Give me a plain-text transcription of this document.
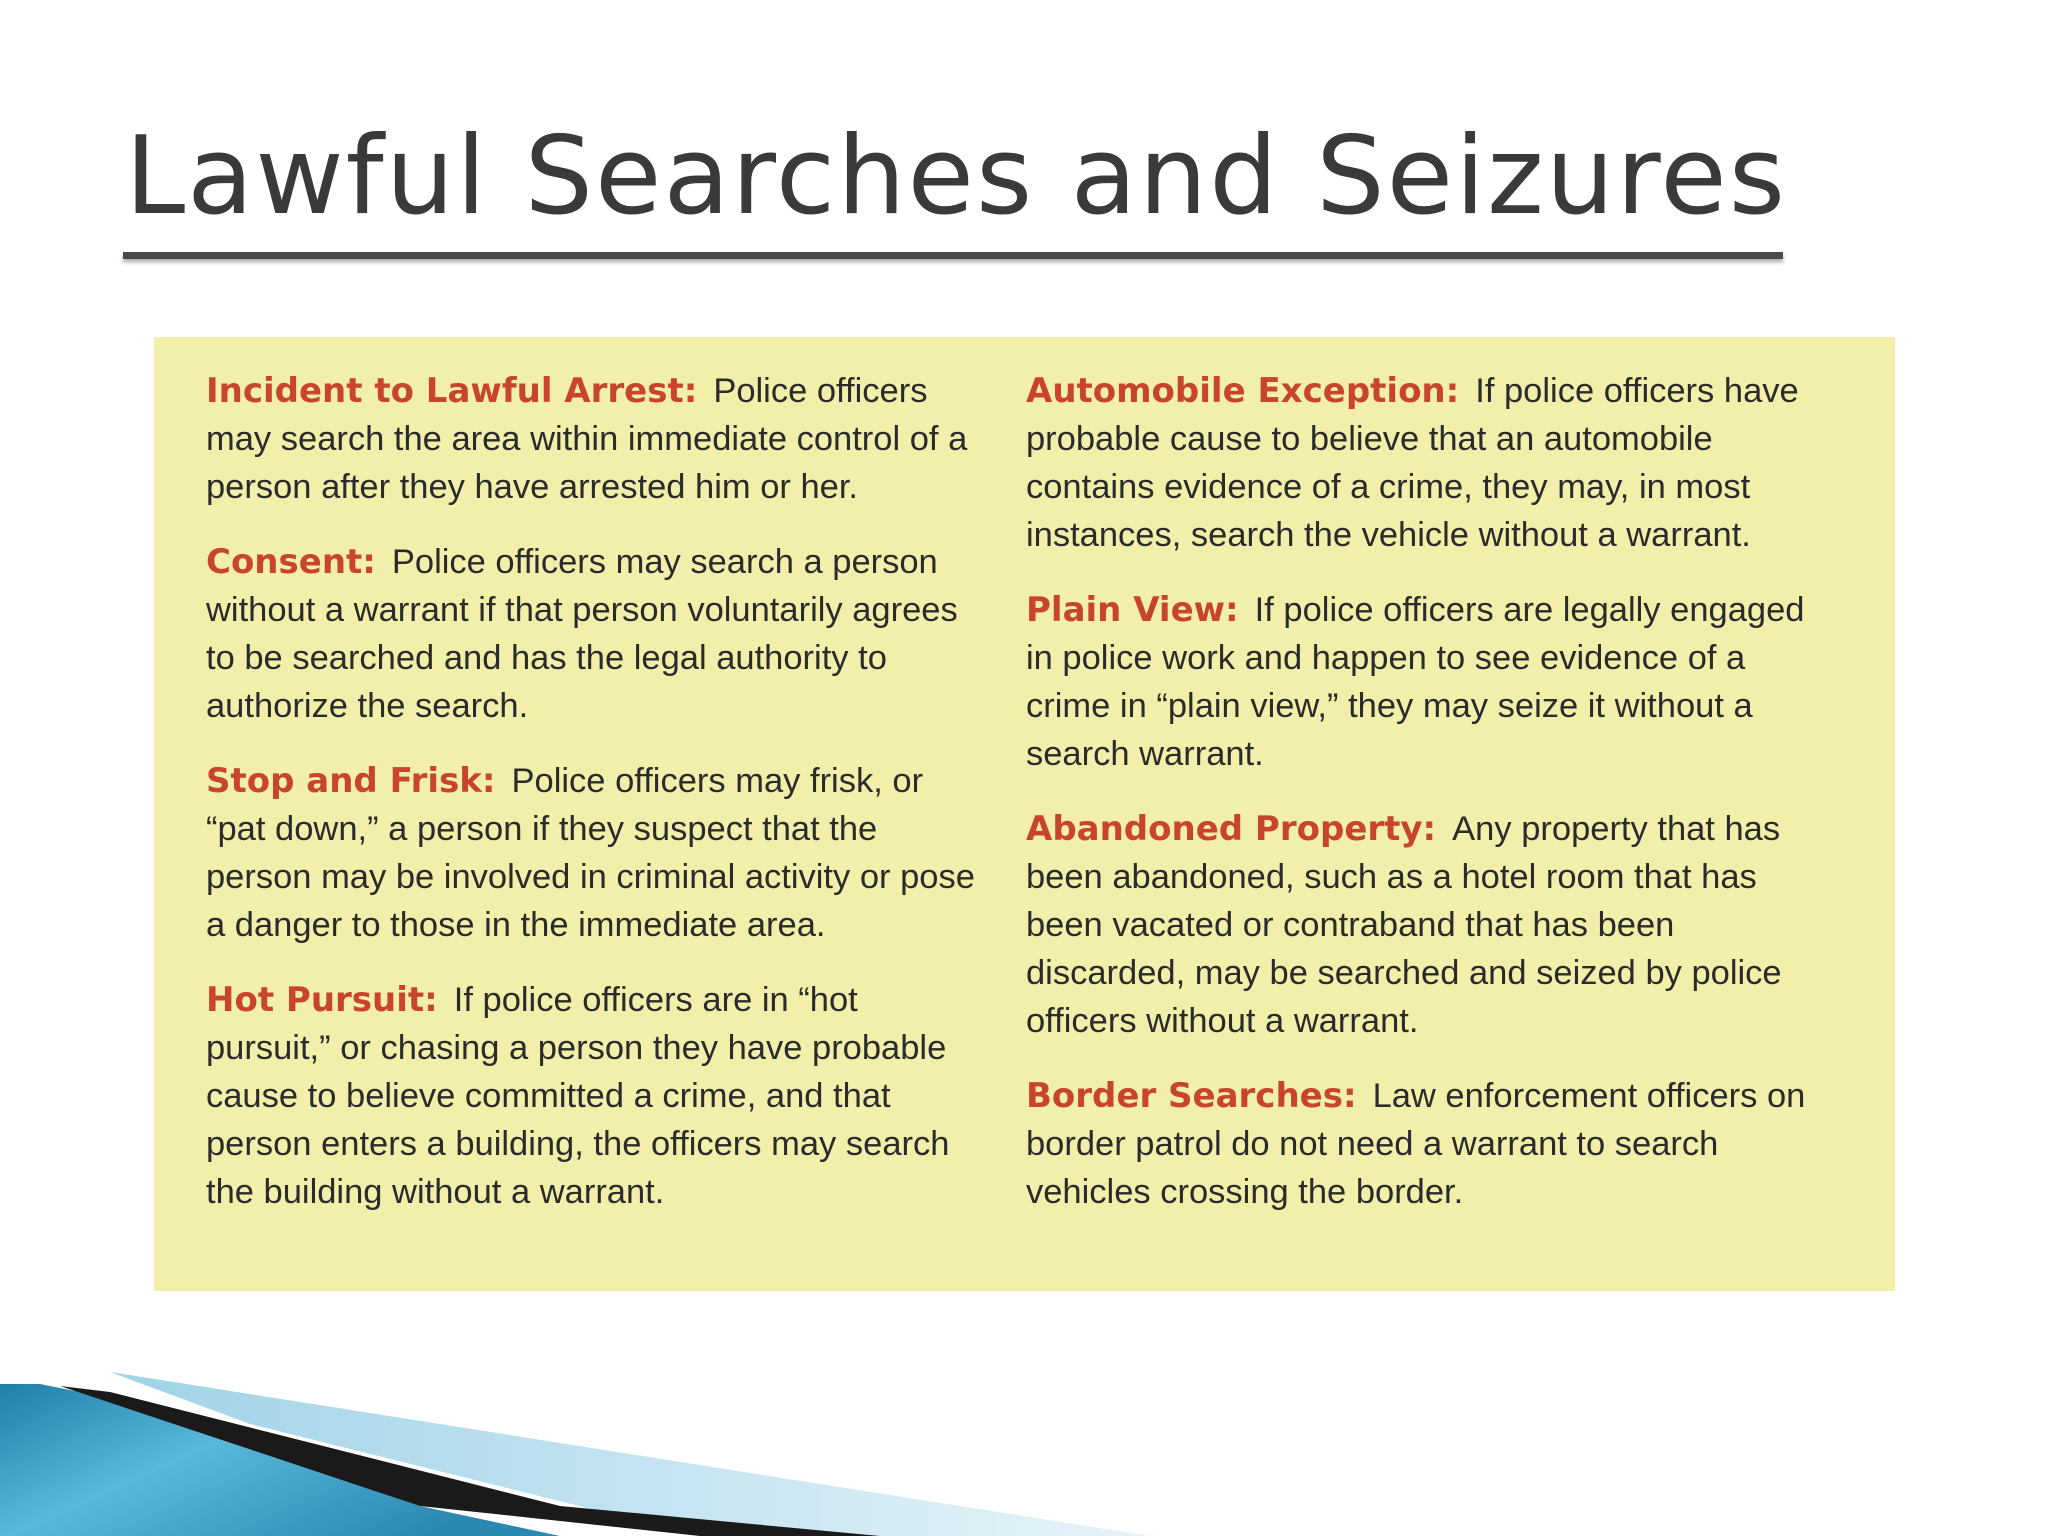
Lawful Searches and Seizures

Incident to Lawful Arrest: Police officers may search the area within immediate control of a person after they have arrested him or her.

Consent: Police officers may search a person without a warrant if that person voluntarily agrees to be searched and has the legal authority to authorize the search.

Stop and Frisk: Police officers may frisk, or “pat down,” a person if they suspect that the person may be involved in criminal activity or pose a danger to those in the immediate area.

Hot Pursuit: If police officers are in “hot pursuit,” or chasing a person they have probable cause to believe committed a crime, and that person enters a building, the officers may search the building without a warrant.

Automobile Exception: If police officers have probable cause to believe that an automobile contains evidence of a crime, they may, in most instances, search the vehicle without a warrant.

Plain View: If police officers are legally engaged in police work and happen to see evidence of a crime in “plain view,” they may seize it without a search warrant.

Abandoned Property: Any property that has been abandoned, such as a hotel room that has been vacated or contraband that has been discarded, may be searched and seized by police officers without a warrant.

Border Searches: Law enforcement officers on border patrol do not need a warrant to search vehicles crossing the border.
